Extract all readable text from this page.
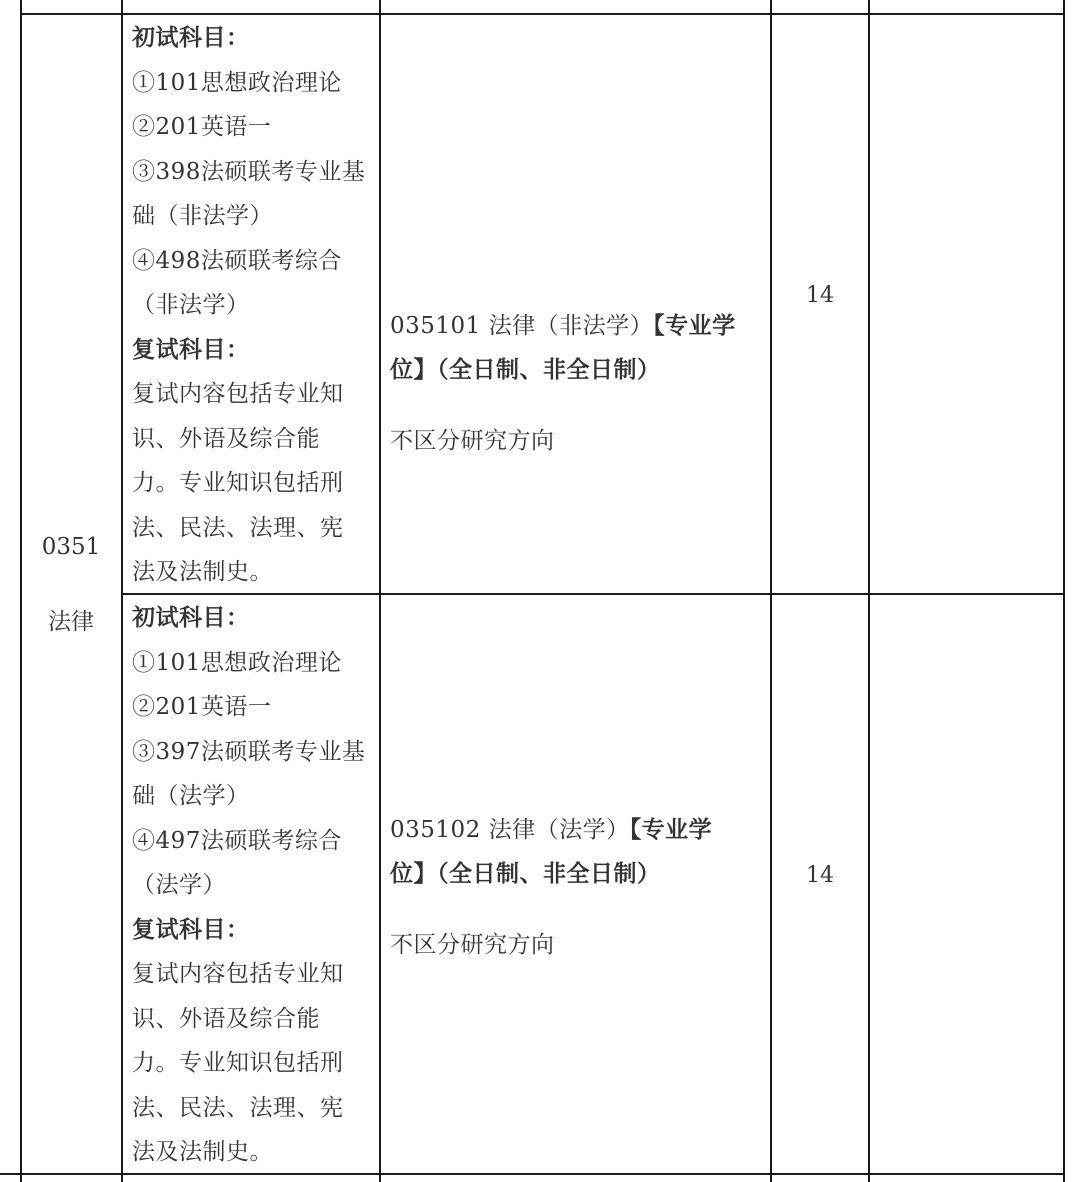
0351
法律
初试科目：
①101思想政治理论
②201英语一
③398法硕联考专业基
础（非法学）
④498法硕联考综合
（非法学）
复试科目：
复试内容包括专业知
识、外语及综合能
力。专业知识包括刑
法、民法、法理、宪
法及法制史。
035101 法律（非法学）【专业学
位】（全日制、非全日制）
不区分研究方向
14
初试科目：
①101思想政治理论
②201英语一
③397法硕联考专业基
础（法学）
④497法硕联考综合
（法学）
复试科目：
复试内容包括专业知
识、外语及综合能
力。专业知识包括刑
法、民法、法理、宪
法及法制史。
035102 法律（法学）【专业学
位】（全日制、非全日制）
不区分研究方向
14
